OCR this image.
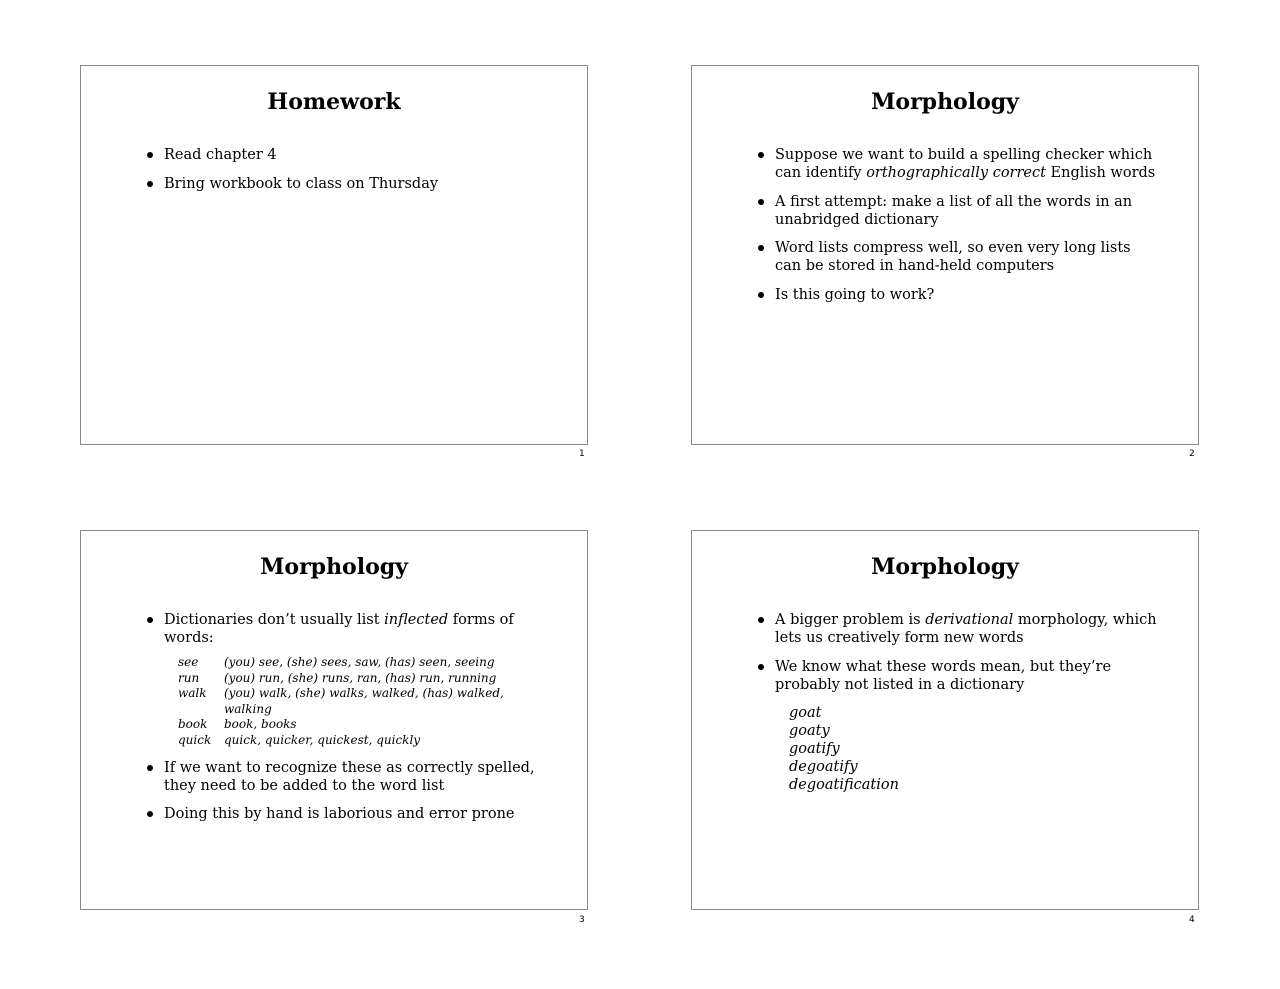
Homework
Read chapter 4
Bring workbook to class on Thursday
1
Morphology
Suppose we want to build a spelling checker which can identify orthographically correct English words
A first attempt: make a list of all the words in an unabridged dictionary
Word lists compress well, so even very long lists can be stored in hand-held computers
Is this going to work?
2
Morphology
Dictionaries don’t usually list inflected forms of words:
see	(you) see, (she) sees, saw, (has) seen, seeing
run	(you) run, (she) runs, ran, (has) run, running
walk	(you) walk, (she) walks, walked, (has) walked, walking
book	book, books
quick	quick, quicker, quickest, quickly
If we want to recognize these as correctly spelled, they need to be added to the word list
Doing this by hand is laborious and error prone
3
Morphology
A bigger problem is derivational morphology, which lets us creatively form new words
We know what these words mean, but they’re probably not listed in a dictionary
goat
goaty
goatify
degoatify
degoatification
4
